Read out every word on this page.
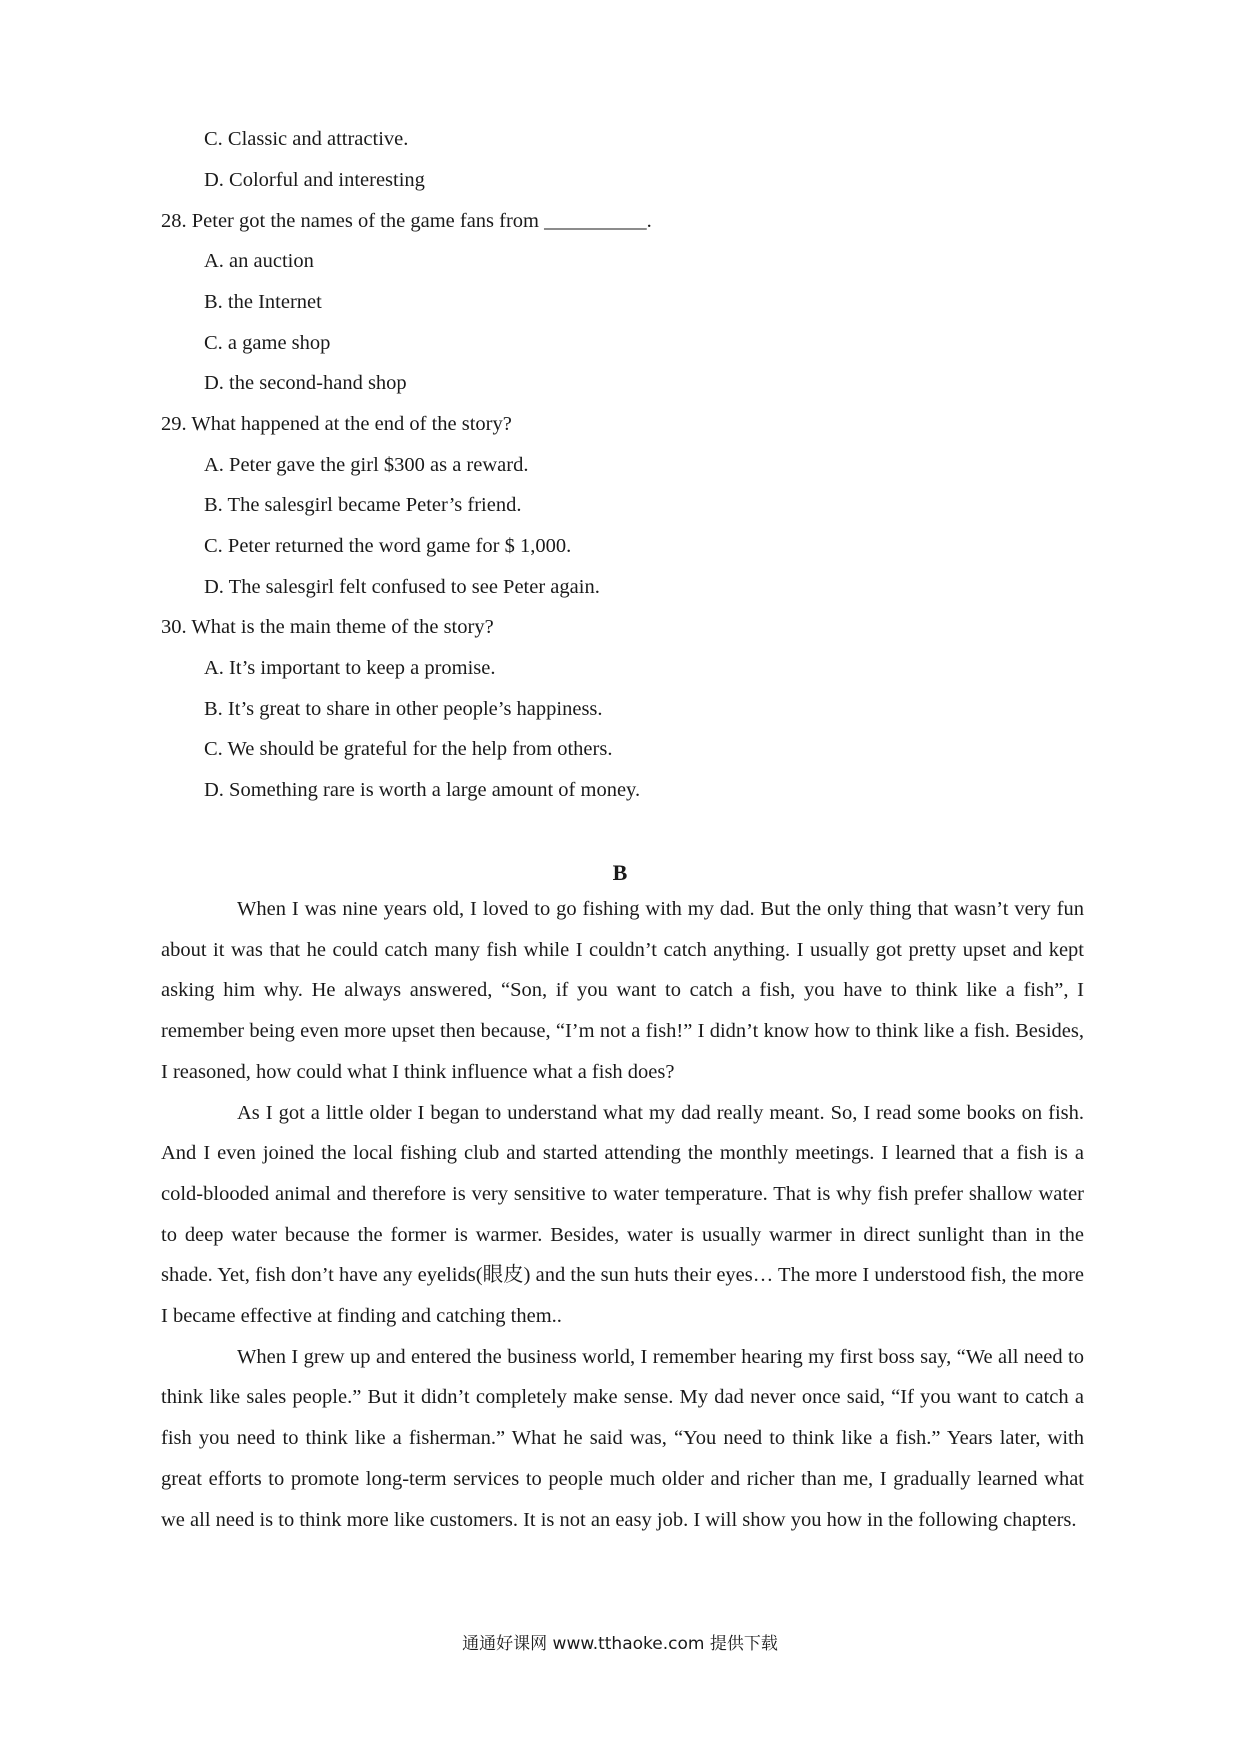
C. Classic and attractive.
D. Colorful and interesting
28. Peter got the names of the game fans from __________.
A. an auction
B. the Internet
C. a game shop
D. the second-hand shop
29. What happened at the end of the story?
A. Peter gave the girl $300 as a reward.
B. The salesgirl became Peter’s friend.
C. Peter returned the word game for $ 1,000.
D. The salesgirl felt confused to see Peter again.
30. What is the main theme of the story?
A. It’s important to keep a promise.
B. It’s great to share in other people’s happiness.
C. We should be grateful for the help from others.
D. Something rare is worth a large amount of money.
B

When I was nine years old, I loved to go fishing with my dad. But the only thing that wasn’t very fun about it was that he could catch many fish while I couldn’t catch anything. I usually got pretty upset and kept asking him why. He always answered, “Son, if you want to catch a fish, you have to think like a fish”, I remember being even more upset then because, “I’m not a fish!” I didn’t know how to think like a fish. Besides, I reasoned, how could what I think influence what a fish does?

As I got a little older I began to understand what my dad really meant. So, I read some books on fish. And I even joined the local fishing club and started attending the monthly meetings. I learned that a fish is a cold-blooded animal and therefore is very sensitive to water temperature. That is why fish prefer shallow water to deep water because the former is warmer. Besides, water is usually warmer in direct sunlight than in the shade. Yet, fish don’t have any eyelids(眼皮) and the sun huts their eyes… The more I understood fish, the more I became effective at finding and catching them..

When I grew up and entered the business world, I remember hearing my first boss say, “We all need to think like sales people.” But it didn’t completely make sense. My dad never once said, “If you want to catch a fish you need to think like a fisherman.” What he said was, “You need to think like a fish.” Years later, with great efforts to promote long-term services to people much older and richer than me, I gradually learned what we all need is to think more like customers. It is not an easy job. I will show you how in the following chapters.

通通好课网 www.tthaoke.com 提供下载
